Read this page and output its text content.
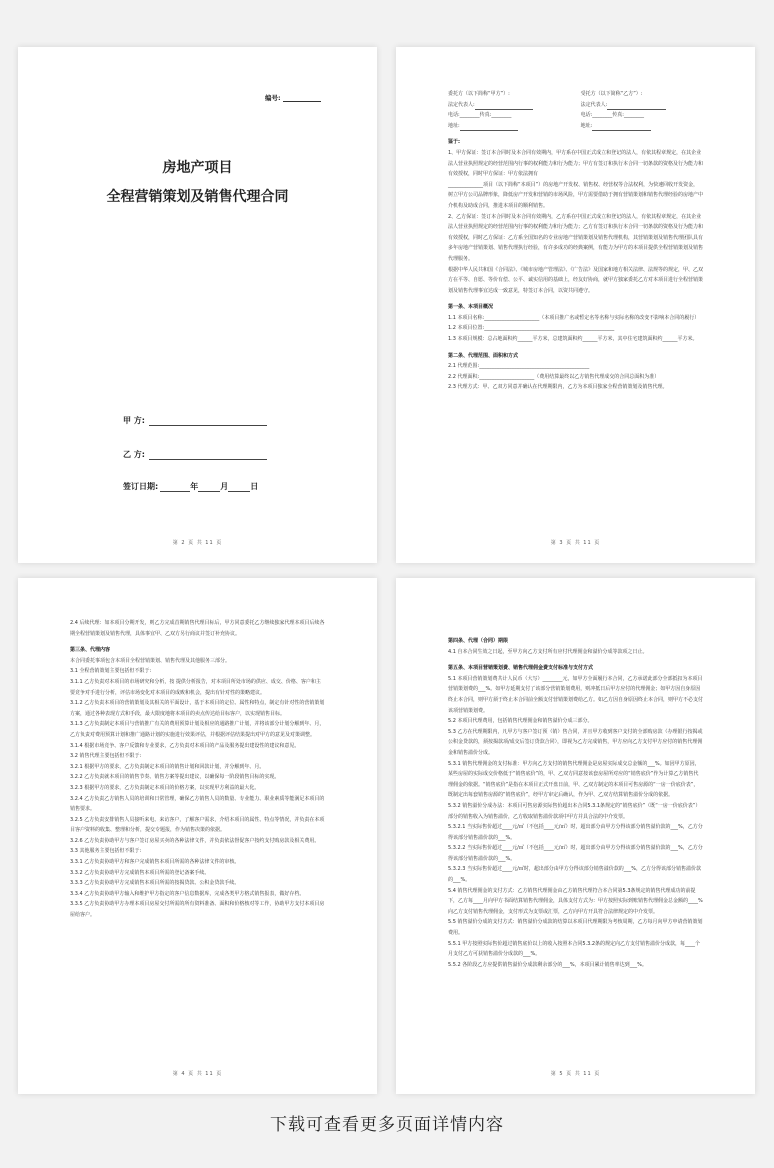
编号:
房地产项目
全程营销策划及销售代理合同
甲 方:
乙 方:
签订日期:	年	月	日
第 2 页 共 11 页
委托方（以下简称“甲方”）:	受托方（以下简称“乙方”）:
法定代表人:	法定代表人:
电话:________传真:________	电话:________传真:________
地址:	地址:

鉴于:

1、甲方保证：签订本合同时及本合同有效期内，甲方系在中国正式成立和登记的法人，有依其程章规定，在其企业法人营业执照规定的经营范围内行事的权利能力和行为能力；甲方有签订和执行本合同一切条款的资格及行为能力和有效授权，同时甲方保证：甲方依法拥有

______________项目（以下简称“本项目”）的房地产开发权、销售权、经营权等合法权利，为快速回收开发资金，树立甲方公司品牌形象，降低房产开发和营销的市场风险，甲方需要借助于拥有营销策划和销售代理经验的房地产中介机构及助成合同，推进本项目的顺利销售。

2、乙方保证：签订本合同时及本合同有效期内，乙方系在中国正式成立和登记的法人，有依其程章规定，在其企业法人营业执照规定的经营范围内行事的权利能力和行为能力；乙方有签订和执行本合同一切条款的资格及行为能力和有效授权，同时乙方保证：乙方系全国知名的专业房地产营销策划及销售代理机构，其营销策划及销售代理团队具有多年房地产营销策划、销售代理执行经验，有许多成功的经典案例，有能力为甲方的本项目提供全程营销策划及销售代理服务。

根据中华人民共和国《合同法》、《城市房地产管理法》、《广告法》及国家和地方相关法律、法规等的规定，甲、乙双方在平等、自愿、等价有偿、公平、诚实信用的基础上，经友好协商，就甲方独家委托乙方对本项目进行全程营销策划及销售代理事宜达成一致意见，特签订本合同，以资共同遵守。

第一条、本项目概况

1.1 本项目名称:______________________（本项目推广名或暂定名等名称与实际名称的改变不影响本合同的履行）

1.2 本项目位置:____________________________________________________

1.3 本项目规模：总占地面积约______平方米，总建筑面积约______平方米，其中住宅建筑面积约______平方米。

第二条、代理范围、面积和方式

2.1 代理范围:____________________________________________

2.2 代理面积:______________________（费用结算最终以乙方销售代理成交的合同总面积为准）

2.3 代理方式：甲、乙双方同意并确认在代理期限内，乙方为本项目独家全程营销策划及销售代理。

第 3 页 共 11 页

2.4 后续代理：如本项目分期开发，则乙方完成首期销售代理目标后，甲方同意委托乙方继续独家代理本项目后续各期全程营销策划及销售代理，具体事宜甲、乙双方另行商议并签订补充协议。

第三条、代理内容

本合同委托事项包含本项目全程营销策划、销售代理及其他服务三部分。

3.1 全程营销策划主要包括但不限于:

3.1.1 乙方负责对本项目的市场研究和分析，按 提供分析报告，对本项目所处市场的供应、成交、价格、客户和主要竞争对手进行分析，评估市场变化对本项目的成败和机会，提出有针对性的策略建议。

3.1.2 乙方负责本项目的营销策划及其相关的平面设计，基于本项目的定位、属性和特点，制定有针对性的营销策划方案，通过各种表现方式和手段，最大限度地将本项目的卖点传达给目标客户，以实现销售目标。

3.1.3 乙方负责制定本项目与营销推广有关的费用预算计划及相应的通路推广计划，并将该部分计划分解到年、月，乙方负责对费用预算计划和推广通路计划的实施进行效果评估，并根据评估结果提出对甲方的意见及对策调整。

3.1.4 根据市场竞争、客户反馈和专业要求，乙方负责对本项目的产品及服务提出建设性的建议和意见。

3.2 销售代理主要包括但不限于:

3.2.1 根据甲方的要求，乙方负责制定本项目的销售计划和回款计划，并分解到年、月。

3.2.2 乙方负责就本项目的销售节奏、销售方案等提出建议，以确保每一阶段销售目标的实现。

3.2.3 根据甲方的要求，乙方负责制定本项目的价格方案，以实现甲方利益的最大化。

3.2.4 乙方负责乙方销售人员的培训和日常管理，确保乙方销售人员的数量、专业能力、职业素质等能满足本项目的销售要求。

3.2.5 乙方负责安排销售人员接听来电、来访客户，了解客户需求，介绍本项目的属性、特点等情况，并负责在本项目客户资料的收集、整理和分析，提交专题报，作为销售决策的依据。

3.2.6 乙方负责协助甲方与客户签订房屋买卖的各种法律文件，并负责依法督促客户按约支付购房款及相关费用。

3.3 其他服务主要包括但不限于:

3.3.1 乙方负责协助甲方和客户完成销售本项目所需的各种法律文件的审核。

3.3.2 乙方负责协助甲方完成销售本项目所需的登记备案手续。

3.3.3 乙方负责协助甲方完成销售本项目所需的按揭贷款、公积金贷款手续。

3.3.4 乙方负责协助甲方输入和维护甲方指定的客户信息数据库，完成各类甲方格式销售报表，做好存档。

3.3.5 乙方负责协助甲方办理本项目房屋交付所需的所有资料准备、面积和价格核对等工作，协助甲方支付本项目房屋给客户。

第 4 页 共 11 页

第四条、代理（合同）期限

4.1 自本合同生效之日起，至甲方向乙方支付所有应付代理佣金和溢价分成等款项之日止。

第五条、本项目营销策划费、销售代理佣金费支付标准与支付方式

5.1 本项目营销策划费共计人民币（大写）________元，如甲方全面履行本合同，乙方承诺此部分全部抵扣为本项目营销策划费的___%。如甲方延期支付了该部分营销策划费用，则冲抵日后甲方应付的代理佣金；如甲方因自身原因终止本合同，则甲方须于终止本合同前全额支付营销策划费给乙方。如乙方因自身原因终止本合同，则甲方不必支付该项营销策划费。

5.2 本项目代理费用，包括销售代理佣金和销售溢价分成三部分。

5.3 乙方在代理期限内，凡甲方与客户签订预（销）售合同，并且甲方收到客户支付的全部购房款（办理银行按揭或公积金贷款的，须按揭款项/成交后签订贷款合同），即视为乙方完成销售，甲方应向乙方支付甲方应付的销售代理佣金和销售溢价分成。

5.3.1 销售代理佣金的支付标准：甲方向乙方支付的销售代理佣金是房屋实际成交总金额的___%。如因甲方原因，某些房屋的实际成交价格低于“销售底价”的，甲、乙双方同意按该套房屋所对应的“销售底价”作为计算乙方销售代理佣金的依据。“销售底价”是指在本项目正式开盘日前，甲、乙双方制定的本项目可售房源的“一房一价底价表”，既制定出每套销售房源的“销售底价”，经甲方审定后确认，作为甲、乙双方结算销售溢价分成的依据。

5.3.2 销售溢价分成办法：本项目可售房源实际售价超出本合同5.3.1条规定的“销售底价”（既“一房一价底价表”）部分的销售收入为销售溢价，乙方收取销售溢价款项中甲方并具合法的中介发票。

5.3.2.1 当实际售价超过____元/㎡（不包括____元/㎡）时，超出部分由甲方分得该部分销售溢价款的___%，乙方分得该部分销售溢价款的___%。

5.3.2.2 当实际售价超过____元/㎡（不包括____元/㎡）时，超出部分由甲方分得该部分销售溢价款的___%，乙方分得该部分销售溢价款的___%。

5.3.2.3 当实际售价超过____元/㎡时，超出部分由甲方分得该部分销售溢价款的___%，乙方分得该部分销售溢价款的___%。

5.4 销售代理佣金的支付方式：乙方销售代理佣金由乙方销售代理符合本合同第5.3条规定的销售代理成功的前提下，乙方每____月向甲方书面结算销售代理佣金，具体支付方式为：甲方按照实际到账销售代理佣金总金额的____%向乙方支付销售代理佣金，支付形式为支票或汇票，乙方向甲方开具符合法律规定的中介发票。

5.5 销售溢价分成的支付方式：销售溢价分成款的结算以本项目代理期限为考核周期，乙方每月向甲方申请营销策划费用。

5.5.1 甲方按照实际售价超过销售底价以上的收入按照本合同5.3.2条的规定向乙方支付销售溢价分成款，每____个月支付乙方可获销售溢价分成款的___%。

5.5.2 各阶段乙方应提供销售溢价分成款剩余部分的___%，本项目累计销售率达到___%。

第 5 页 共 11 页
下载可查看更多页面详情内容
